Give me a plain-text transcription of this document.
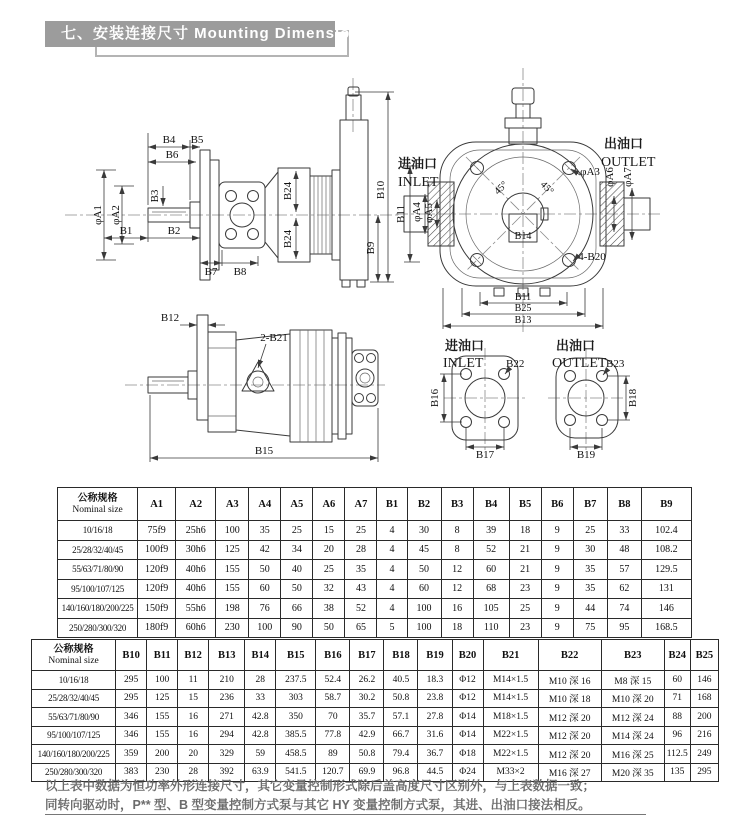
七、安装连接尺寸 Mounting Dimension
B4 B5
B6
B3
φA1 φA2
B1	B2
B24
B24
B10
B9
B7 B8
进油口
INLET
出油口
OUTLET
φA3 φA6 φA7
B11 φA4 φA5
B14
45°	45°
4-B20
B11
B25
B13
B12
2-B21
B15
进油口
INLET B22
B16
B17
出油口
OUTLET B23
B18
B19
公称规格
Nominal size	A1	A2	A3	A4	A5	A6	A7	B1	B2	B3	B4	B5	B6	B7	B8	B9
10/16/18	75f9	25h6	100	35	25	15	25	4	30	8	39	18	9	25	33	102.4
25/28/32/40/45	100f9	30h6	125	42	34	20	28	4	45	8	52	21	9	30	48	108.2
55/63/71/80/90	120f9	40h6	155	50	40	25	35	4	50	12	60	21	9	35	57	129.5
95/100/107/125	120f9	40h6	155	60	50	32	43	4	60	12	68	23	9	35	62	131
140/160/180/200/225	150f9	55h6	198	76	66	38	52	4	100	16	105	25	9	44	74	146
250/280/300/320	180f9	60h6	230	100	90	50	65	5	100	18	110	23	9	75	95	168.5
公称规格
Nominal size	B10	B11	B12	B13	B14	B15	B16	B17	B18	B19	B20	B21	B22	B23	B24	B25
10/16/18	295	100	11	210	28	237.5	52.4	26.2	40.5	18.3	Φ12	M14×1.5	M10 深 16	M8 深 15	60	146
25/28/32/40/45	295	125	15	236	33	303	58.7	30.2	50.8	23.8	Φ12	M14×1.5	M10 深 18	M10 深 20	71	168
55/63/71/80/90	346	155	16	271	42.8	350	70	35.7	57.1	27.8	Φ14	M18×1.5	M12 深 20	M12 深 24	88	200
95/100/107/125	346	155	16	294	42.8	385.5	77.8	42.9	66.7	31.6	Φ14	M22×1.5	M12 深 20	M14 深 24	96	216
140/160/180/200/225	359	200	20	329	59	458.5	89	50.8	79.4	36.7	Φ18	M22×1.5	M12 深 20	M16 深 25	112.5	249
250/280/300/320	383	230	28	392	63.9	541.5	120.7	69.9	96.8	44.5	Φ24	M33×2	M16 深 27	M20 深 35	135	295

以上表中数据为恒功率外形连接尺寸，其它变量控制形式除后盖高度尺寸区别外，与上表数据一致；

同转向驱动时，P** 型、B 型变量控制方式泵与其它 HY 变量控制方式泵，其进、出油口接法相反。
